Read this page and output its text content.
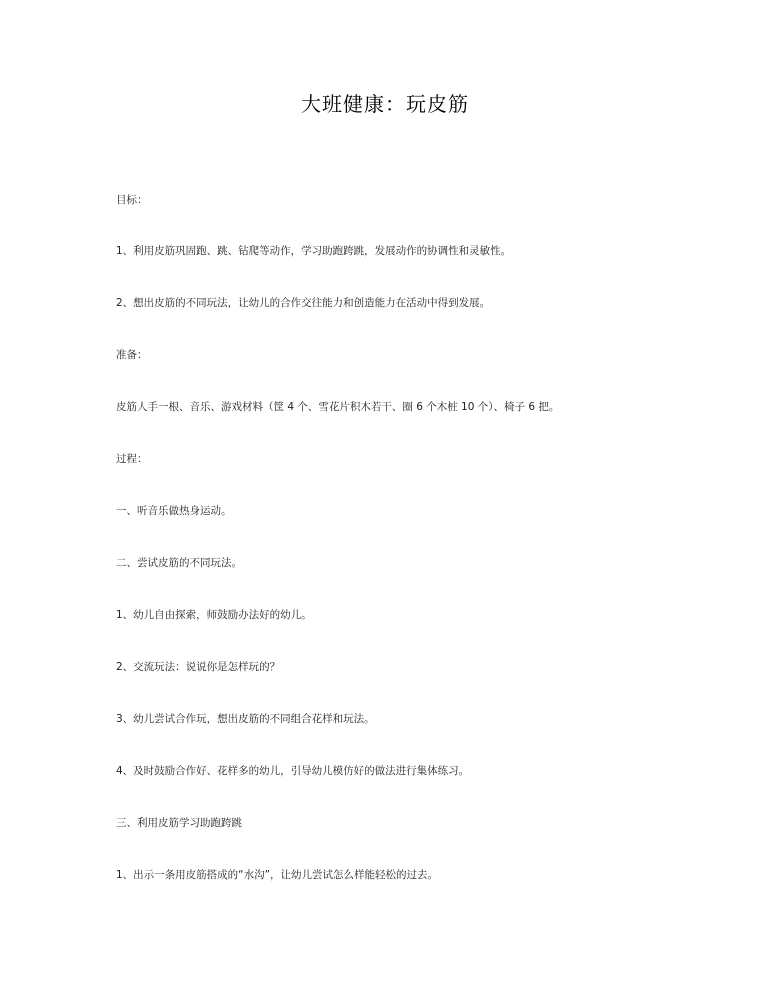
大班健康：玩皮筋

目标：

1、利用皮筋巩固跑、跳、钻爬等动作，学习助跑跨跳，发展动作的协调性和灵敏性。

2、想出皮筋的不同玩法，让幼儿的合作交往能力和创造能力在活动中得到发展。

准备：

皮筋人手一根、音乐、游戏材料（筐 4 个、雪花片积木若干、圈 6 个木桩 10 个）、椅子 6 把。

过程：

一、听音乐做热身运动。

二、尝试皮筋的不同玩法。

1、幼儿自由探索，师鼓励办法好的幼儿。

2、交流玩法：说说你是怎样玩的？

3、幼儿尝试合作玩，想出皮筋的不同组合花样和玩法。

4、及时鼓励合作好、花样多的幼儿，引导幼儿模仿好的做法进行集体练习。

三、利用皮筋学习助跑跨跳

1、出示一条用皮筋搭成的“水沟”，让幼儿尝试怎么样能轻松的过去。
